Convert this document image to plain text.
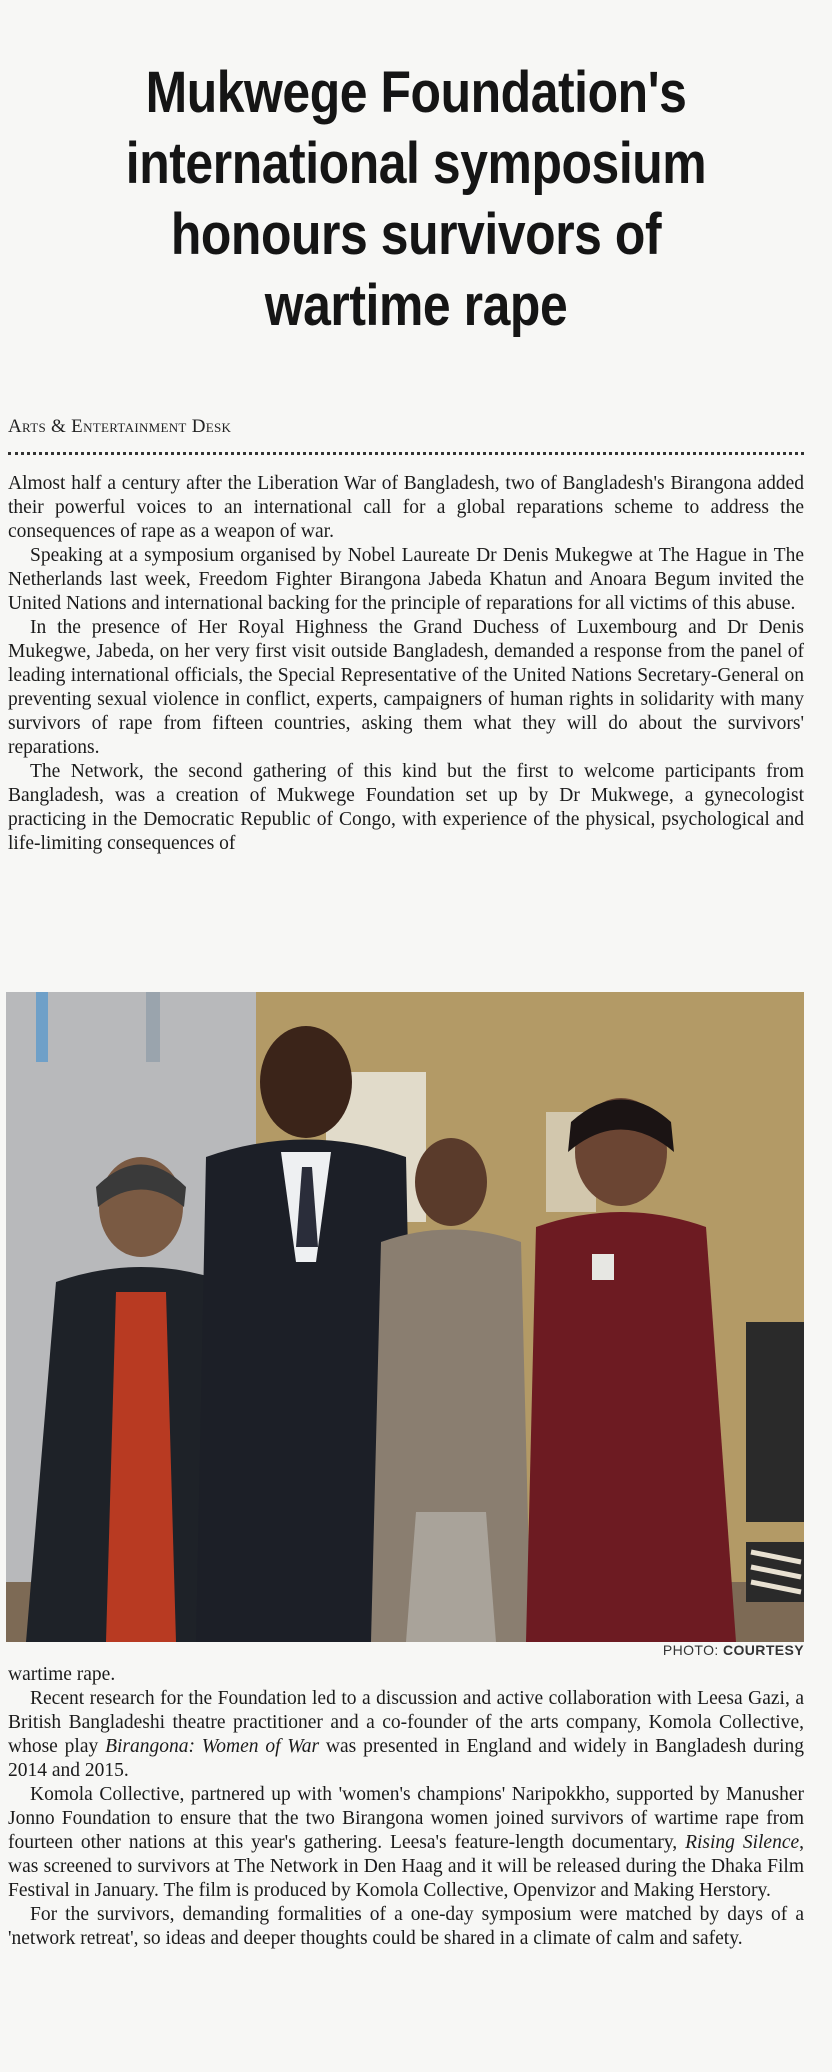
Mukwege Foundation's
international symposium
honours survivors of
wartime rape
Arts & Entertainment Desk

Almost half a century after the Liberation War of Bangladesh, two of Bangladesh's Birangona added their powerful voices to an international call for a global reparations scheme to address the consequences of rape as a weapon of war.

Speaking at a symposium organised by Nobel Laureate Dr Denis Mukegwe at The Hague in The Netherlands last week, Freedom Fighter Birangona Jabeda Khatun and Anoara Begum invited the United Nations and international backing for the principle of reparations for all victims of this abuse.

In the presence of Her Royal Highness the Grand Duchess of Luxembourg and Dr Denis Mukegwe, Jabeda, on her very first visit outside Bangladesh, demanded a response from the panel of leading international officials, the Special Representative of the United Nations Secretary-General on preventing sexual violence in conflict, experts, campaigners of human rights in solidarity with many survivors of rape from fifteen countries, asking them what they will do about the survivors' reparations.

The Network, the second gathering of this kind but the first to welcome participants from Bangladesh, was a creation of Mukwege Foundation set up by Dr Mukwege, a gynecologist practicing in the Democratic Republic of Congo, with experience of the physical, psychological and life-limiting consequences of

PHOTO: COURTESY

wartime rape.

Recent research for the Foundation led to a discussion and active collaboration with Leesa Gazi, a British Bangladeshi theatre practitioner and a co-founder of the arts company, Komola Collective, whose play Birangona: Women of War was presented in England and widely in Bangladesh during 2014 and 2015.

Komola Collective, partnered up with 'women's champions' Naripokkho, supported by Manusher Jonno Foundation to ensure that the two Birangona women joined survivors of wartime rape from fourteen other nations at this year's gathering. Leesa's feature-length documentary, Rising Silence, was screened to survivors at The Network in Den Haag and it will be released during the Dhaka Film Festival in January. The film is produced by Komola Collective, Openvizor and Making Herstory.

For the survivors, demanding formalities of a one-day symposium were matched by days of a 'network retreat', so ideas and deeper thoughts could be shared in a climate of calm and safety.
